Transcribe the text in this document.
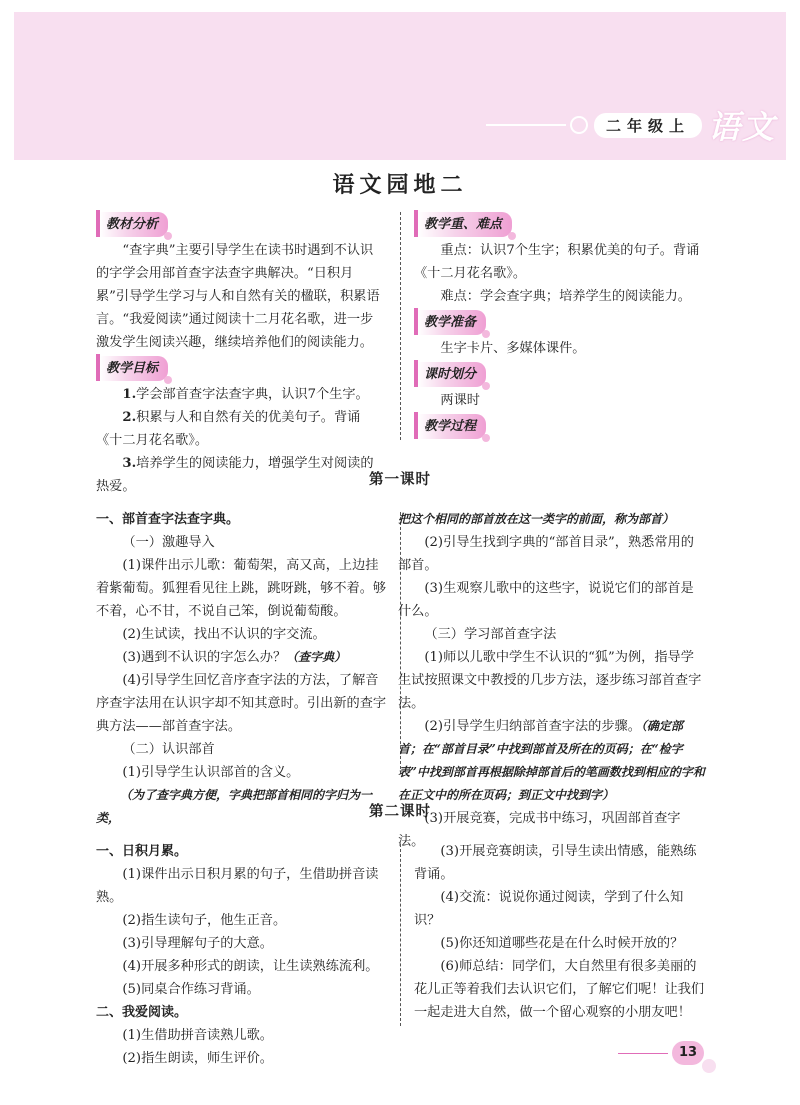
二年级上 语文
语文园地二
教材分析

“查字典”主要引导学生在读书时遇到不认识的字学会用部首查字法查字典解决。“日积月累”引导学生学习与人和自然有关的楹联，积累语言。“我爱阅读”通过阅读十二月花名歌，进一步激发学生阅读兴趣，继续培养他们的阅读能力。

教学目标

1.学会部首查字法查字典，认识7个生字。

2.积累与人和自然有关的优美句子。背诵《十二月花名歌》。

3.培养学生的阅读能力，增强学生对阅读的热爱。

教学重、难点

重点：认识7个生字；积累优美的句子。背诵《十二月花名歌》。

难点：学会查字典；培养学生的阅读能力。

教学准备

生字卡片、多媒体课件。

课时划分

两课时

教学过程
第一课时

一、部首查字法查字典。

（一）激趣导入

(1)课件出示儿歌：葡萄架，高又高，上边挂着紫葡萄。狐狸看见往上跳，跳呀跳，够不着。够不着，心不甘，不说自己笨，倒说葡萄酸。

(2)生试读，找出不认识的字交流。

(3)遇到不认识的字怎么办？（查字典）

(4)引导学生回忆音序查字法的方法，了解音序查字法用在认识字却不知其意时。引出新的查字典方法——部首查字法。

（二）认识部首

(1)引导学生认识部首的含义。

（为了查字典方便，字典把部首相同的字归为一类，

把这个相同的部首放在这一类字的前面，称为部首）

(2)引导生找到字典的“部首目录”，熟悉常用的部首。

(3)生观察儿歌中的这些字，说说它们的部首是什么。

（三）学习部首查字法

(1)师以儿歌中学生不认识的“狐”为例，指导学生试按照课文中教授的几步方法，逐步练习部首查字法。

(2)引导学生归纳部首查字法的步骤。（确定部首；在“部首目录”中找到部首及所在的页码；在“检字表”中找到部首再根据除掉部首后的笔画数找到相应的字和在正文中的所在页码；到正文中找到字）

(3)开展竞赛，完成书中练习，巩固部首查字法。

第二课时

一、日积月累。

(1)课件出示日积月累的句子，生借助拼音读熟。

(2)指生读句子，他生正音。

(3)引导理解句子的大意。

(4)开展多种形式的朗读，让生读熟练流利。

(5)同桌合作练习背诵。

二、我爱阅读。

(1)生借助拼音读熟儿歌。

(2)指生朗读，师生评价。

(3)开展竞赛朗读，引导生读出情感，能熟练背诵。

(4)交流：说说你通过阅读，学到了什么知识？

(5)你还知道哪些花是在什么时候开放的？

(6)师总结：同学们，大自然里有很多美丽的花儿正等着我们去认识它们，了解它们呢！让我们一起走进大自然，做一个留心观察的小朋友吧！

13
